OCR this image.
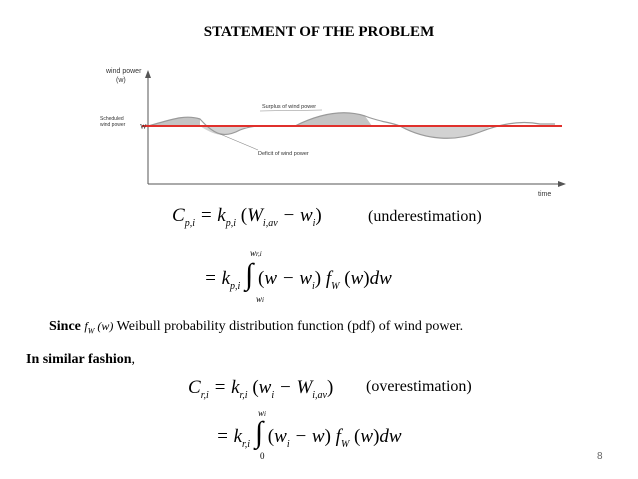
STATEMENT OF THE PROBLEM
wind power (w)
Scheduled wind power W
Surplus of wind power
Deficit of wind power
time
$C_{p,i} = k_{p,i}$ $(W_{i,av} - w_i)$	(underestimation)
wr,i
= $k_{p,i}$ ∫ $(w - w_i)$ $f_W$ (w)dw
wi
Since $f_W$ (w) Weibull probability distribution function (pdf) of wind power.
In similar fashion,
$C_{r,i} = k_{r,i}$ $(w_i - W_{i,av})$ (overestimation)
wi
= $k_{r,i}$ ∫ $(w_i - w)$ $f_W$ (w)dw
0	8
